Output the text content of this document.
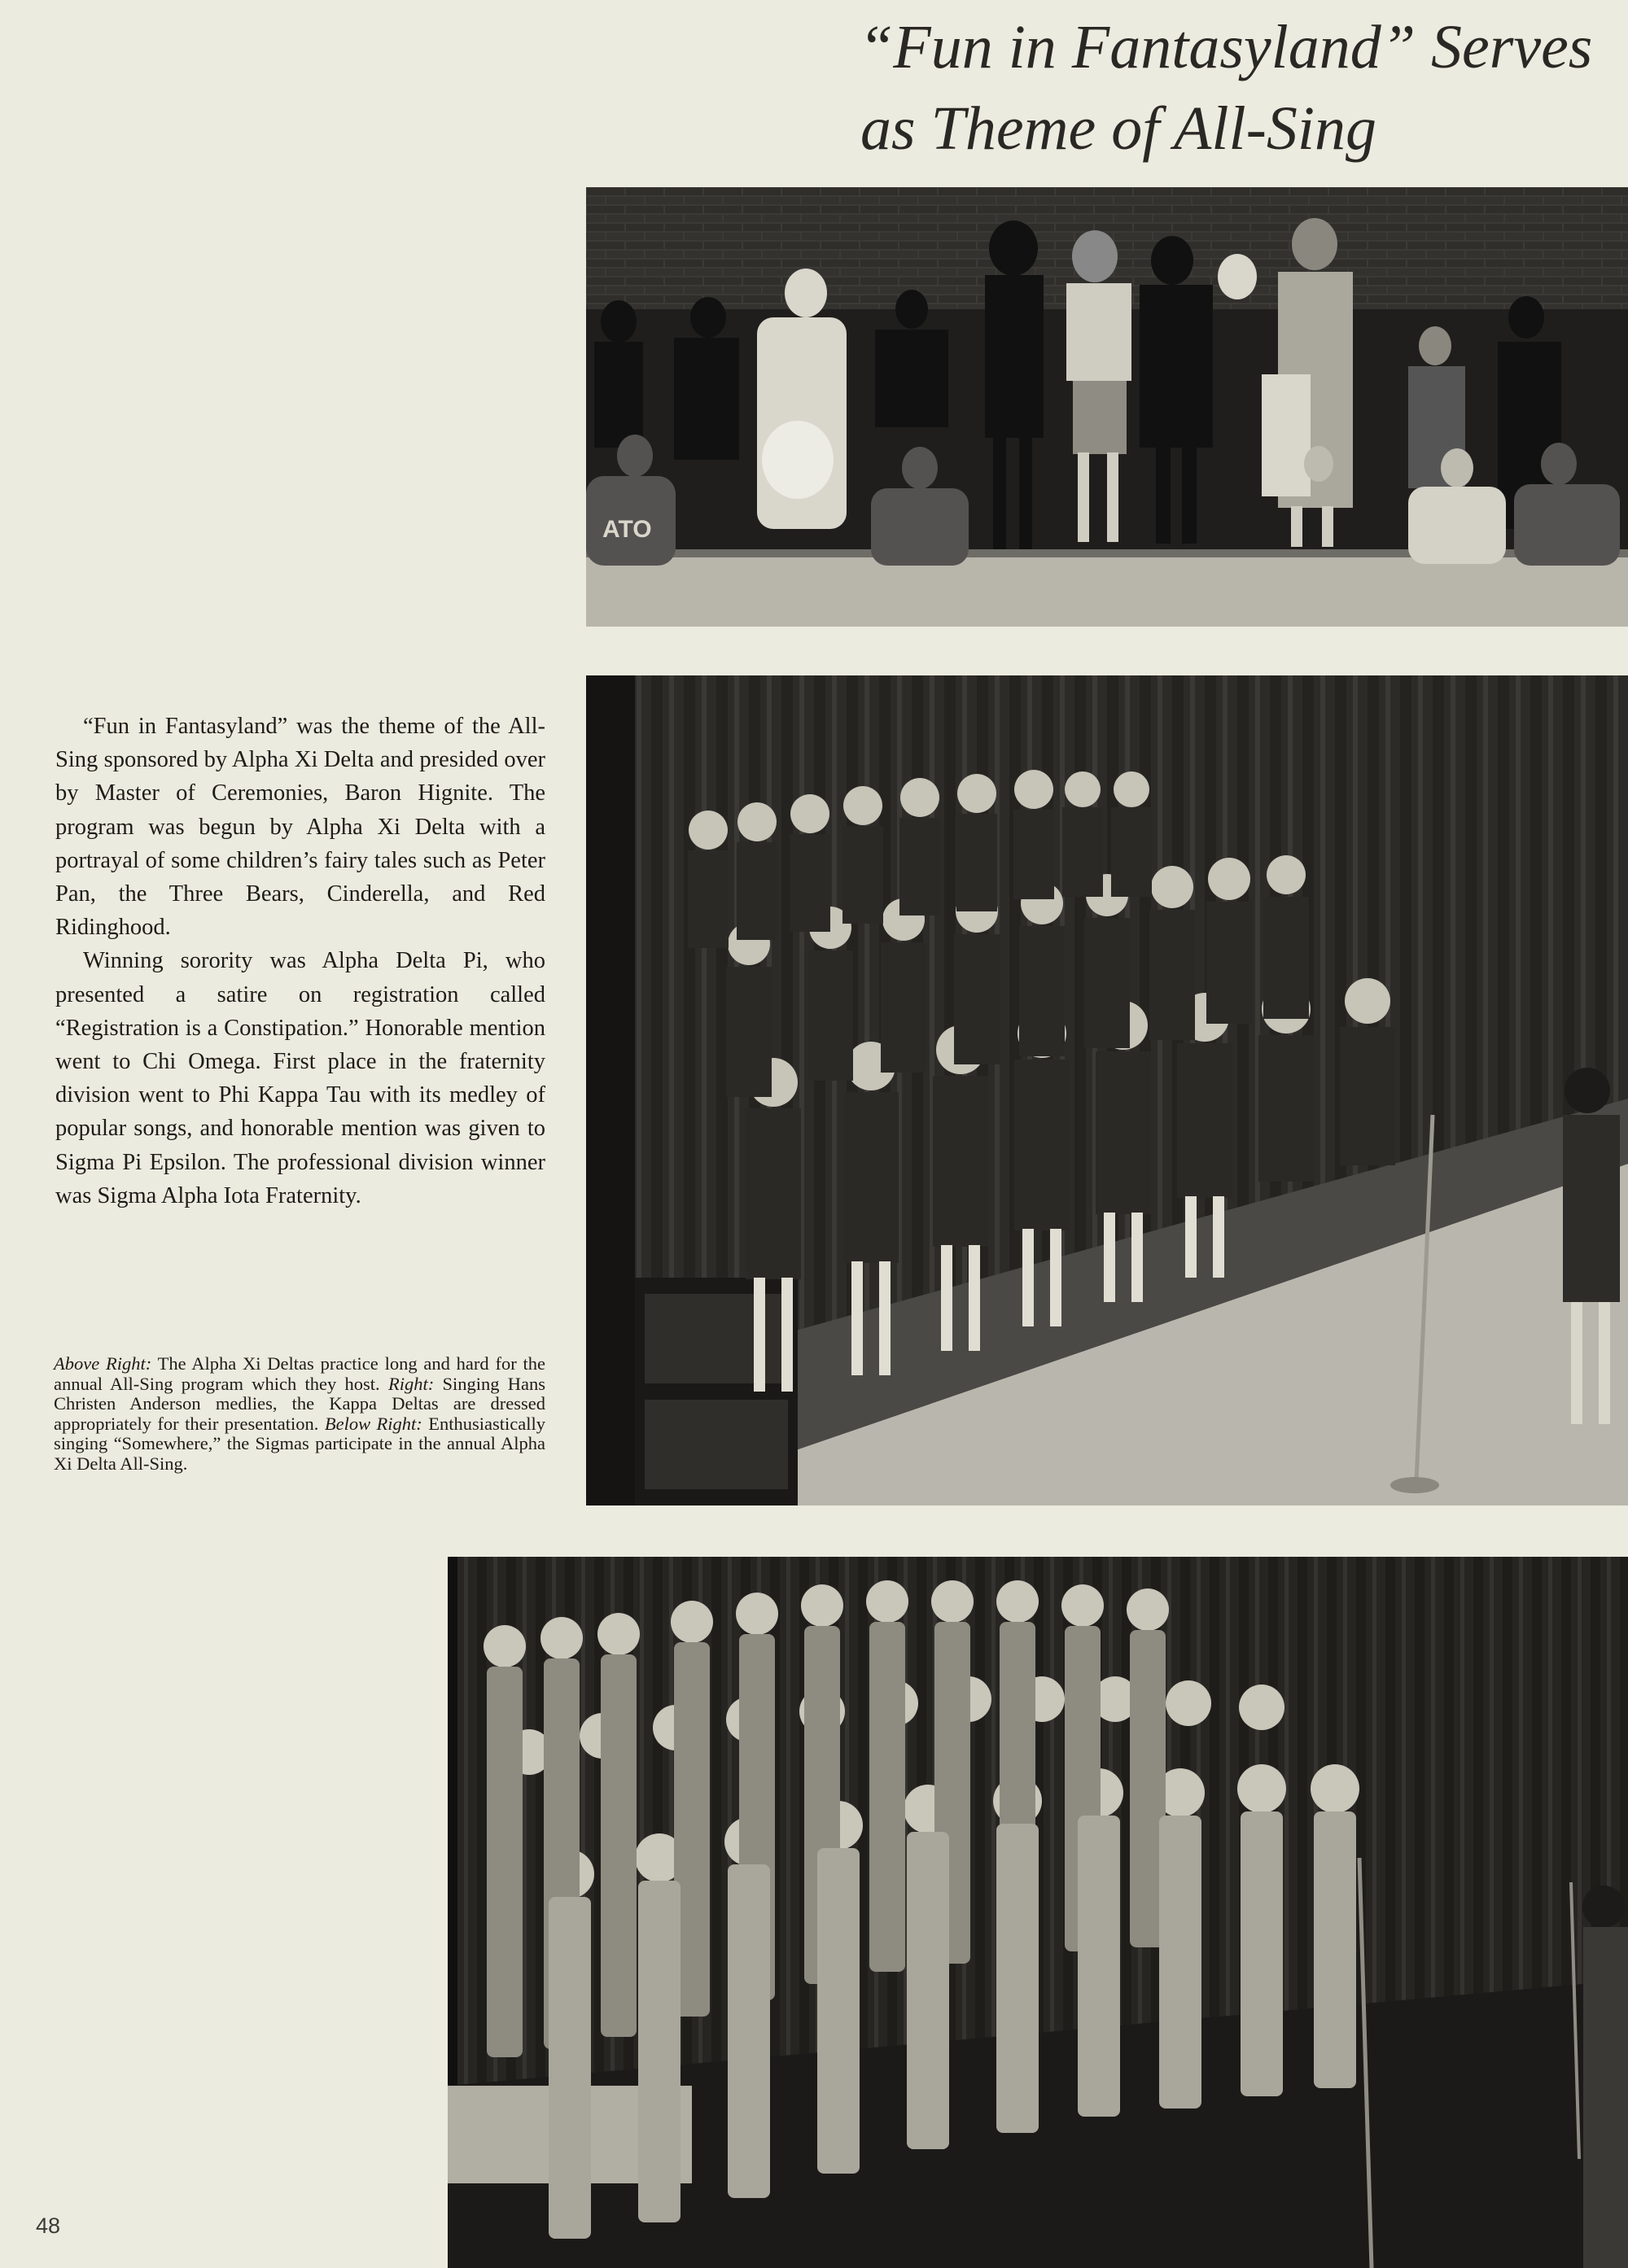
“Fun in Fantasyland” Serves
as Theme of All-Sing
ATO

“Fun in Fantasyland” was the theme of the All-Sing sponsored by Alpha Xi Delta and presided over by Master of Ceremonies, Baron Hignite. The program was begun by Alpha Xi Delta with a portrayal of some children’s fairy tales such as Peter Pan, the Three Bears, Cinderella, and Red Ridinghood.

Winning sorority was Alpha Delta Pi, who presented a satire on registration called “Registration is a Constipation.” Honorable mention went to Chi Omega. First place in the fraternity division went to Phi Kappa Tau with its medley of popular songs, and honorable mention was given to Sigma Pi Epsilon. The professional division winner was Sigma Alpha Iota Fraternity.

Above Right: The Alpha Xi Deltas practice long and hard for the annual All-Sing program which they host. Right: Singing Hans Christen Anderson medlies, the Kappa Deltas are dressed appropriately for their presentation. Below Right: Enthusiastically singing “Somewhere,” the Sigmas participate in the annual Alpha Xi Delta All-Sing.

48
